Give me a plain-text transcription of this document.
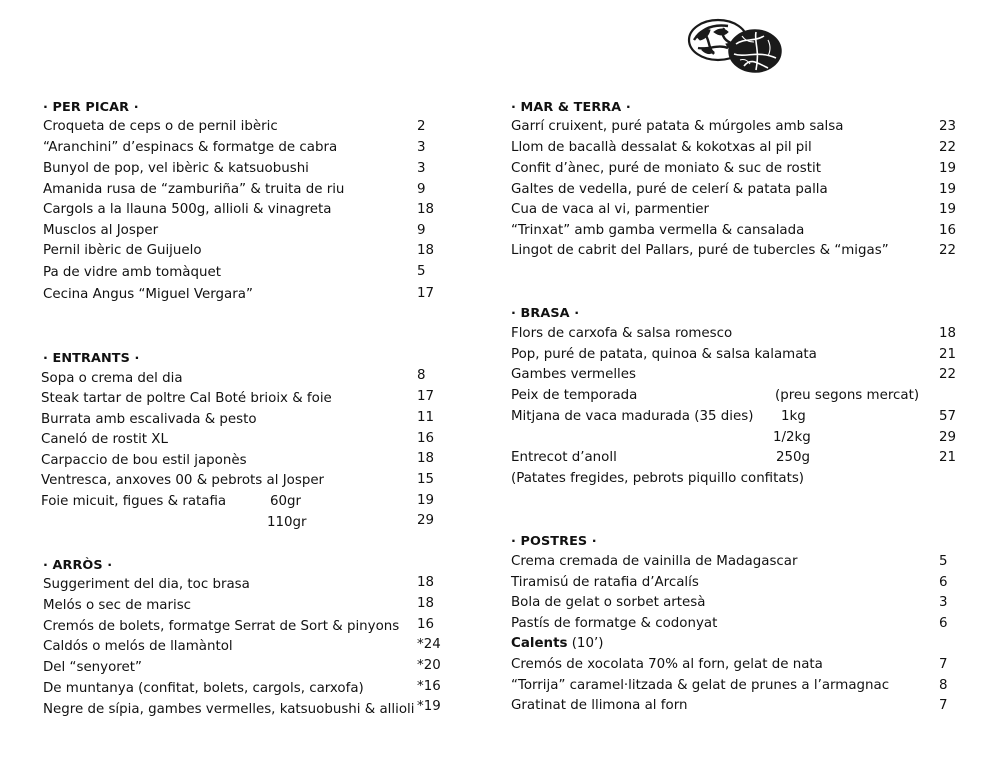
· PER PICAR ·
Croqueta de ceps o de pernil ibèric	2
“Aranchini” d’espinacs & formatge de cabra	3
Bunyol de pop, vel ibèric & katsuobushi	3
Amanida rusa de “zamburiña” & truita de riu	9
Cargols a la llauna 500g, allioli & vinagreta	18
Musclos al Josper	9
Pernil ibèric de Guijuelo	18
Pa de vidre amb tomàquet	5
Cecina Angus “Miguel Vergara”	17
· ENTRANTS ·
Sopa o crema del dia	8
Steak tartar de poltre Cal Boté brioix & foie	17
Burrata amb escalivada & pesto	11
Caneló de rostit XL	16
Carpaccio de bou estil japonès	18
Ventresca, anxoves 00 & pebrots al Josper	15
Foie micuit, figues & ratafia	60gr	19
110gr	29
· ARRÒS ·
Suggeriment del dia, toc brasa	18
Melós o sec de marisc	18
Cremós de bolets, formatge Serrat de Sort & pinyons 16
Caldós o melós de llamàntol	*24
Del “senyoret”	*20
De muntanya (confitat, bolets, cargols, carxofa)	*16
Negre de sípia, gambes vermelles, katsuobushi & allioli *19
· MAR & TERRA ·
Garrí cruixent, puré patata & múrgoles amb salsa	23
Llom de bacallà dessalat & kokotxas al pil pil	22
Confit d’ànec, puré de moniato & suc de rostit	19
Galtes de vedella, puré de celerí & patata palla	19
Cua de vaca al vi, parmentier	19
“Trinxat” amb gamba vermella & cansalada	16
Lingot de cabrit del Pallars, puré de tubercles & “migas”	22
· BRASA ·
Flors de carxofa & salsa romesco	18
Pop, puré de patata, quinoa & salsa kalamata	21
Gambes vermelles	22
Peix de temporada	(preu segons mercat)
Mitjana de vaca madurada (35 dies) 1kg	57
1/2kg	29
Entrecot d’anoll	250g	21
(Patates fregides, pebrots piquillo confitats)
· POSTRES ·
Crema cremada de vainilla de Madagascar	5
Tiramisú de ratafia d’Arcalís	6
Bola de gelat o sorbet artesà	3
Pastís de formatge & codonyat	6
Calents (10’)
Cremós de xocolata 70% al forn, gelat de nata	7
“Torrija” caramel·litzada & gelat de prunes a l’armagnac	8
Gratinat de llimona al forn	7
